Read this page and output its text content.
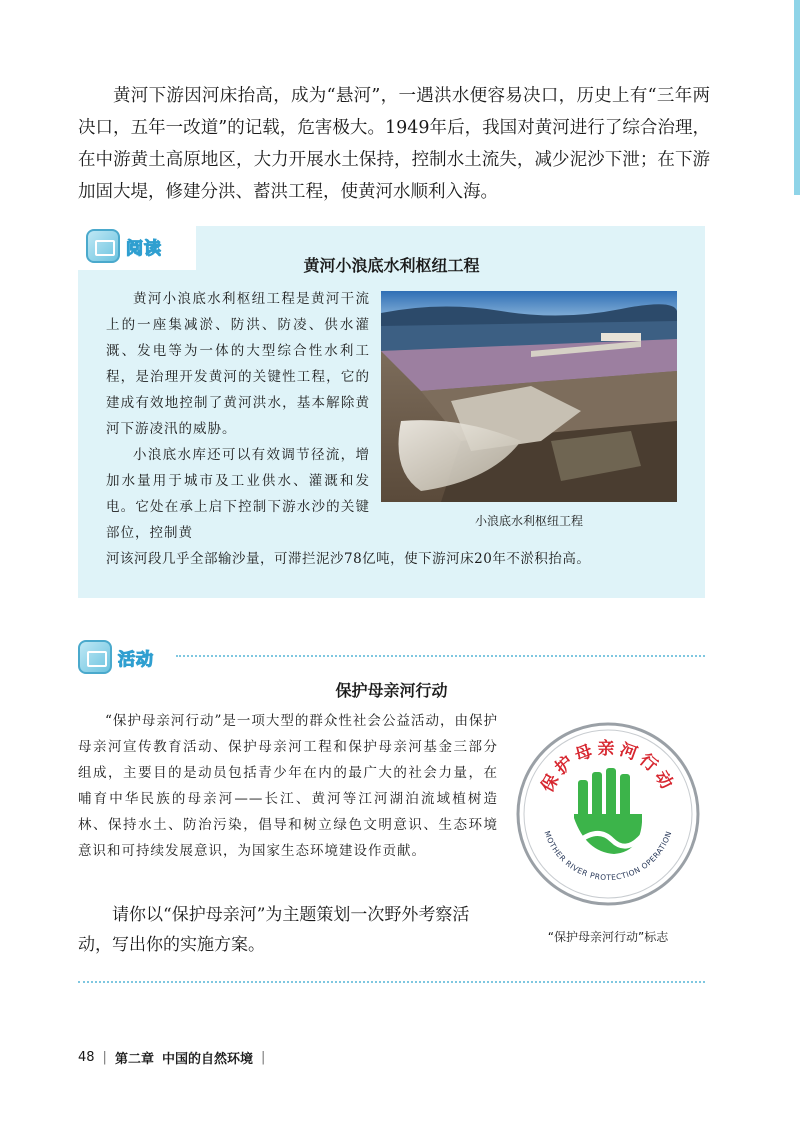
黄河下游因河床抬高，成为“悬河”，一遇洪水便容易决口，历史上有“三年两决口，五年一改道”的记载，危害极大。1949年后，我国对黄河进行了综合治理，在中游黄土高原地区，大力开展水土保持，控制水土流失，减少泥沙下泄；在下游加固大堤，修建分洪、蓄洪工程，使黄河水顺利入海。

阅读
黄河小浪底水利枢纽工程

黄河小浪底水利枢纽工程是黄河干流上的一座集减淤、防洪、防凌、供水灌溉、发电等为一体的大型综合性水利工程，是治理开发黄河的关键性工程，它的建成有效地控制了黄河洪水，基本解除黄河下游凌汛的威胁。

小浪底水库还可以有效调节径流，增加水量用于城市及工业供水、灌溉和发电。它处在承上启下控制下游水沙的关键部位，控制黄

河该河段几乎全部输沙量，可滞拦泥沙78亿吨，使下游河床20年不淤积抬高。

小浪底水利枢纽工程
活动
保护母亲河行动

“保护母亲河行动”是一项大型的群众性社会公益活动，由保护母亲河宣传教育活动、保护母亲河工程和保护母亲河基金三部分组成，主要目的是动员包括青少年在内的最广大的社会力量，在哺育中华民族的母亲河——长江、黄河等江河湖泊流域植树造林、保持水土、防治污染，倡导和树立绿色文明意识、生态环境意识和可持续发展意识，为国家生态环境建设作贡献。

请你以“保护母亲河”为主题策划一次野外考察活动，写出你的实施方案。

保护母亲河行动
MOTHER RIVER PROTECTION OPERATION
“保护母亲河行动”标志
48 | 第二章 中国的自然环境 |
